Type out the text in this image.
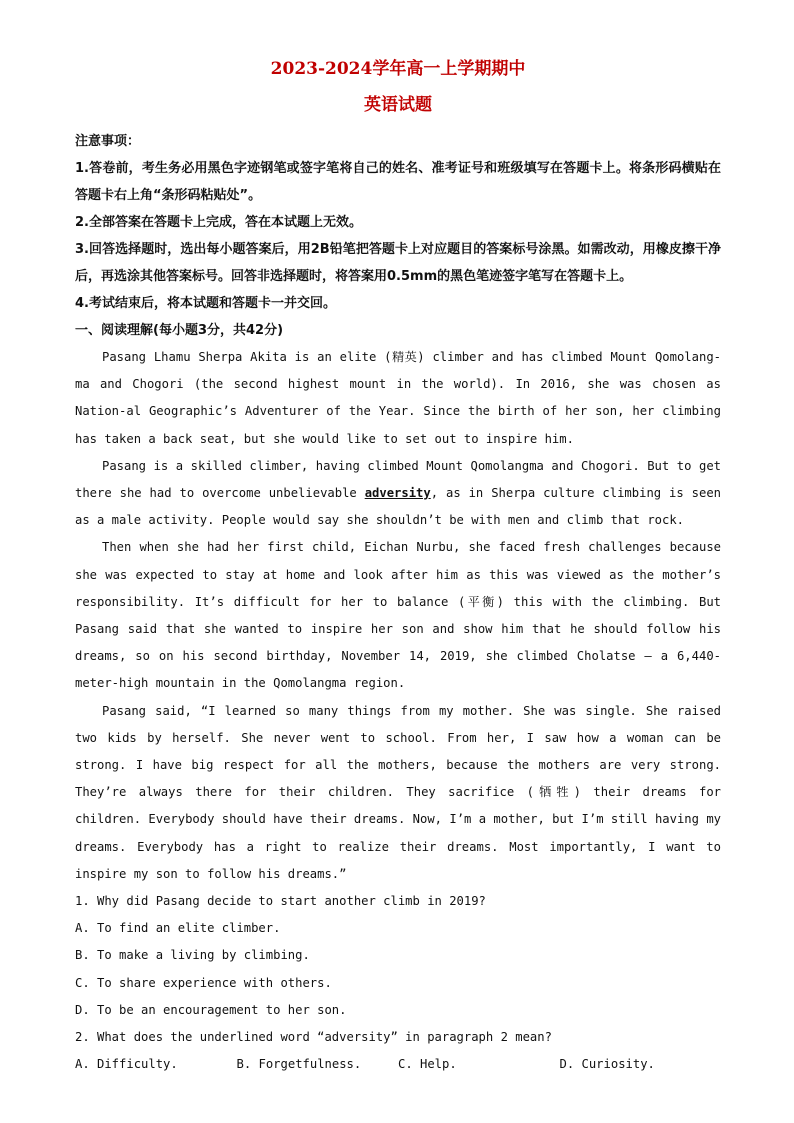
2023-2024学年高一上学期期中
英语试题
注意事项：

1.答卷前，考生务必用黑色字迹钢笔或签字笔将自己的姓名、准考证号和班级填写在答题卡上。将条形码横贴在答题卡右上角“条形码粘贴处”。

2.全部答案在答题卡上完成，答在本试题上无效。

3.回答选择题时，选出每小题答案后，用2B铅笔把答题卡上对应题目的答案标号涂黑。如需改动，用橡皮擦干净后，再选涂其他答案标号。回答非选择题时，将答案用0.5mm的黑色笔迹签字笔写在答题卡上。

4.考试结束后，将本试题和答题卡一并交回。

一、阅读理解(每小题3分，共42分)

Pasang Lhamu Sherpa Akita is an elite (精英) climber and has climbed Mount Qomolang-ma and Chogori (the second highest mount in the world). In 2016, she was chosen as Nation-al Geographic’s Adventurer of the Year. Since the birth of her son, her climbing has taken a back seat, but she would like to set out to inspire him.

Pasang is a skilled climber, having climbed Mount Qomolangma and Chogori. But to get there she had to overcome unbelievable adversity, as in Sherpa culture climbing is seen as a male activity. People would say she shouldn’t be with men and climb that rock.

Then when she had her first child, Eichan Nurbu, she faced fresh challenges because she was expected to stay at home and look after him as this was viewed as the mother’s responsibility. It’s difficult for her to balance (平衡) this with the climbing. But Pasang said that she wanted to inspire her son and show him that he should follow his dreams, so on his second birthday, November 14, 2019, she climbed Cholatse — a 6,440-meter-high mountain in the Qomolangma region.

Pasang said, “I learned so many things from my mother. She was single. She raised two kids by herself. She never went to school. From her, I saw how a woman can be strong. I have big respect for all the mothers, because the mothers are very strong. They’re always there for their children. They sacrifice (牺牲) their dreams for children. Everybody should have their dreams. Now, I’m a mother, but I’m still having my dreams. Everybody has a right to realize their dreams. Most importantly, I want to inspire my son to follow his dreams.”

1. Why did Pasang decide to start another climb in 2019?

A. To find an elite climber.

B. To make a living by climbing.

C. To share experience with others.

D. To be an encouragement to her son.

2. What does the underlined word “adversity” in paragraph 2 mean?

A. Difficulty.	B. Forgetfulness.	C. Help.	D. Curiosity.
